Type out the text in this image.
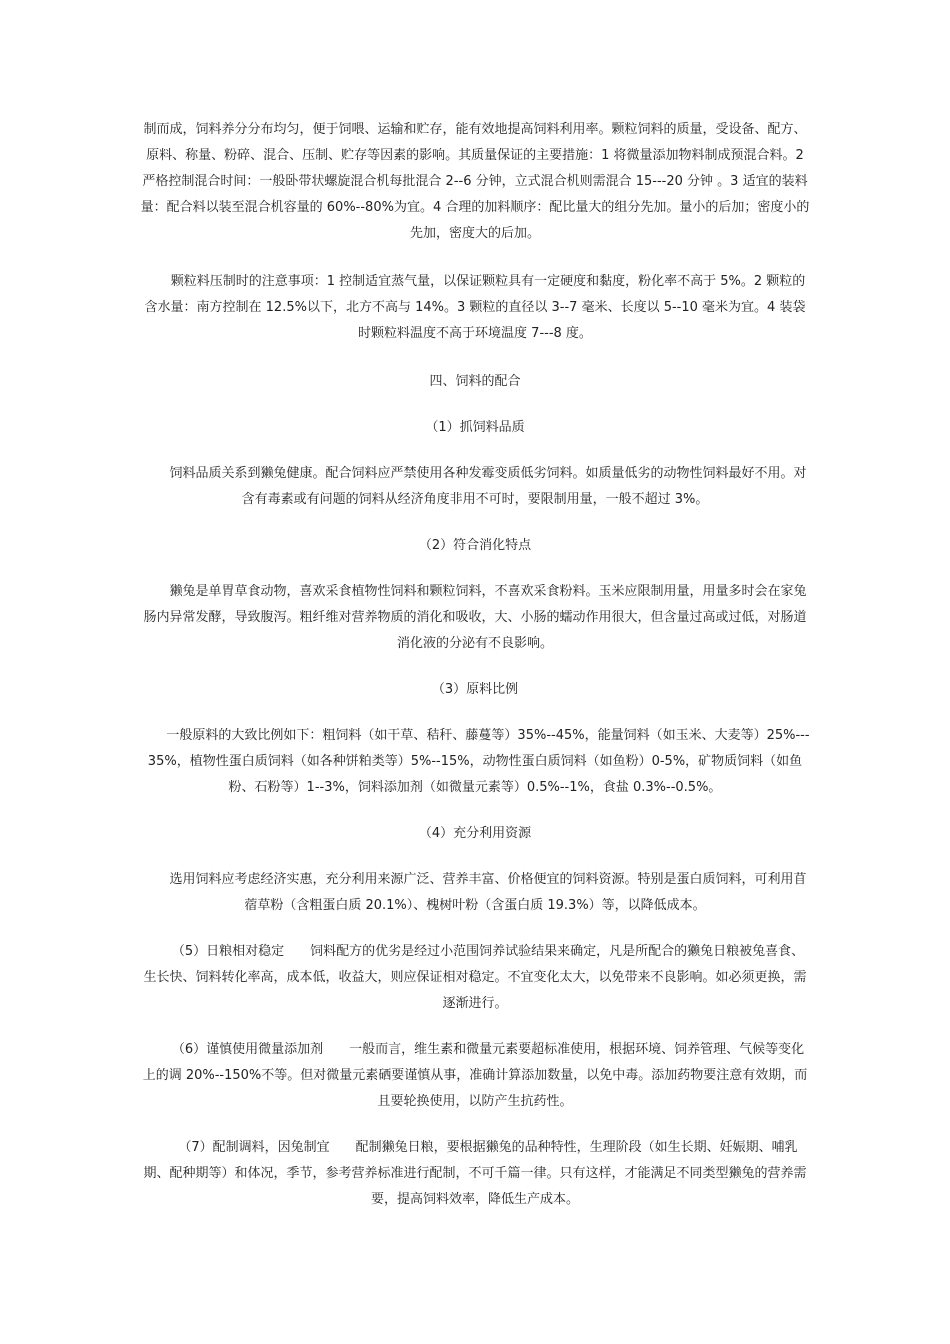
制而成，饲料养分分布均匀，便于饲喂、运输和贮存，能有效地提高饲料利用率。颗粒饲料的质量，受设备、配方、原料、称量、粉碎、混合、压制、贮存等因素的影响。其质量保证的主要措施：1 将微量添加物料制成预混合料。2 严格控制混合时间：一般卧带状螺旋混合机每批混合 2--6 分钟，立式混合机则需混合 15---20 分钟 。3 适宜的装料量：配合料以装至混合机容量的 60%--80%为宜。4 合理的加料顺序：配比量大的组分先加。量小的后加；密度小的先加，密度大的后加。

颗粒料压制时的注意事项：1 控制适宜蒸气量，以保证颗粒具有一定硬度和黏度，粉化率不高于 5%。2 颗粒的含水量：南方控制在 12.5%以下，北方不高与 14%。3 颗粒的直径以 3--7 毫米、长度以 5--10 毫米为宜。4 装袋时颗粒料温度不高于环境温度 7---8 度。

四、饲料的配合

（1）抓饲料品质

饲料品质关系到獭兔健康。配合饲料应严禁使用各种发霉变质低劣饲料。如质量低劣的动物性饲料最好不用。对含有毒素或有问题的饲料从经济角度非用不可时，要限制用量，一般不超过 3%。

（2）符合消化特点

獭兔是单胃草食动物，喜欢采食植物性饲料和颗粒饲料，不喜欢采食粉料。玉米应限制用量，用量多时会在家兔肠内异常发酵，导致腹泻。粗纤维对营养物质的消化和吸收，大、小肠的蠕动作用很大，但含量过高或过低，对肠道消化液的分泌有不良影响。

（3）原料比例

一般原料的大致比例如下：粗饲料（如干草、秸秆、藤蔓等）35%--45%，能量饲料（如玉米、大麦等）25%---35%，植物性蛋白质饲料（如各种饼粕类等）5%--15%，动物性蛋白质饲料（如鱼粉）0-5%，矿物质饲料（如鱼粉、石粉等）1--3%，饲料添加剂（如微量元素等）0.5%--1%，食盐 0.3%--0.5%。

（4）充分利用资源

选用饲料应考虑经济实惠，充分利用来源广泛、营养丰富、价格便宜的饲料资源。特别是蛋白质饲料，可利用苜蓿草粉（含粗蛋白质 20.1%）、槐树叶粉（含蛋白质 19.3%）等，以降低成本。

（5）日粮相对稳定　　 饲料配方的优劣是经过小范围饲养试验结果来确定，凡是所配合的獭兔日粮被兔喜食、生长快、饲料转化率高，成本低，收益大，则应保证相对稳定。不宜变化太大，以免带来不良影响。如必须更换，需逐渐进行。

（6）谨慎使用微量添加剂　　 一般而言，维生素和微量元素要超标准使用，根据环境、饲养管理、气候等变化上的调 20%--150%不等。但对微量元素硒要谨慎从事，准确计算添加数量，以免中毒。添加药物要注意有效期，而且要轮换使用，以防产生抗药性。

（7）配制调料，因兔制宜　　 配制獭兔日粮，要根据獭兔的品种特性，生理阶段（如生长期、妊娠期、哺乳期、配种期等）和体况，季节，参考营养标准进行配制，不可千篇一律。只有这样，才能满足不同类型獭兔的营养需要，提高饲料效率，降低生产成本。
